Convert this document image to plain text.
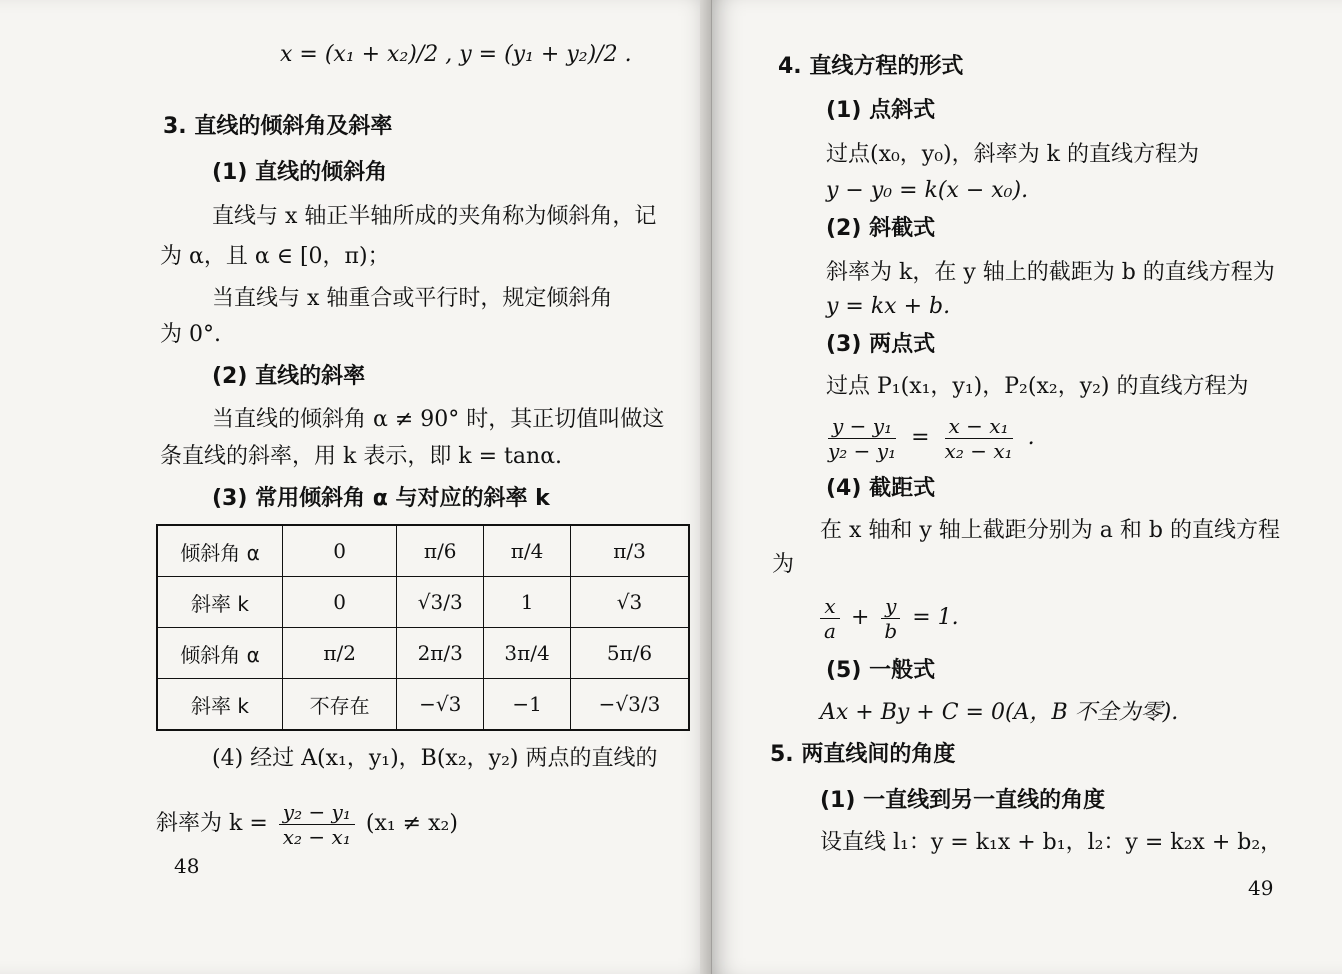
x = (x₁ + x₂)/2 , y = (y₁ + y₂)/2 .
3. 直线的倾斜角及斜率
(1) 直线的倾斜角
直线与 x 轴正半轴所成的夹角称为倾斜角，记
为 α，且 α ∈ [0，π)；
当直线与 x 轴重合或平行时，规定倾斜角
为 0°.
(2) 直线的斜率
当直线的倾斜角 α ≠ 90° 时，其正切值叫做这
条直线的斜率，用 k 表示，即 k = tanα.
(3) 常用倾斜角 α 与对应的斜率 k
倾斜角 α	0	π/6	π/4	π/3
斜率 k	0	√3/3	1	√3
倾斜角 α	π/2	2π/3	3π/4	5π/6
斜率 k	不存在	−√3	−1	−√3/3
(4) 经过 A(x₁，y₁)，B(x₂，y₂) 两点的直线的
斜率为 $k = \frac{\text{y₂ − y₁}}{\text{x₂ − x₁}} (x_1 \ne x_2)$
48
4. 直线方程的形式
(1) 点斜式
过点(x₀，y₀)，斜率为 k 的直线方程为
y − y₀ = k(x − x₀).
(2) 斜截式
斜率为 k，在 y 轴上的截距为 b 的直线方程为
y = kx + b.
(3) 两点式
过点 P₁(x₁，y₁)，P₂(x₂，y₂) 的直线方程为
$\frac{\text{y − y₁}}{\text{y₂ − y₁}} = \frac{\text{x − x₁}}{\text{x₂ − x₁}}$ .
(4) 截距式
在 x 轴和 y 轴上截距分别为 a 和 b 的直线方程
为
$\frac{x}{a} + \frac{y}{b} = 1$.
(5) 一般式
Ax + By + C = 0(A，B 不全为零).
5. 两直线间的角度
(1) 一直线到另一直线的角度
设直线 l₁：y = k₁x + b₁，l₂：y = k₂x + b₂，
49
